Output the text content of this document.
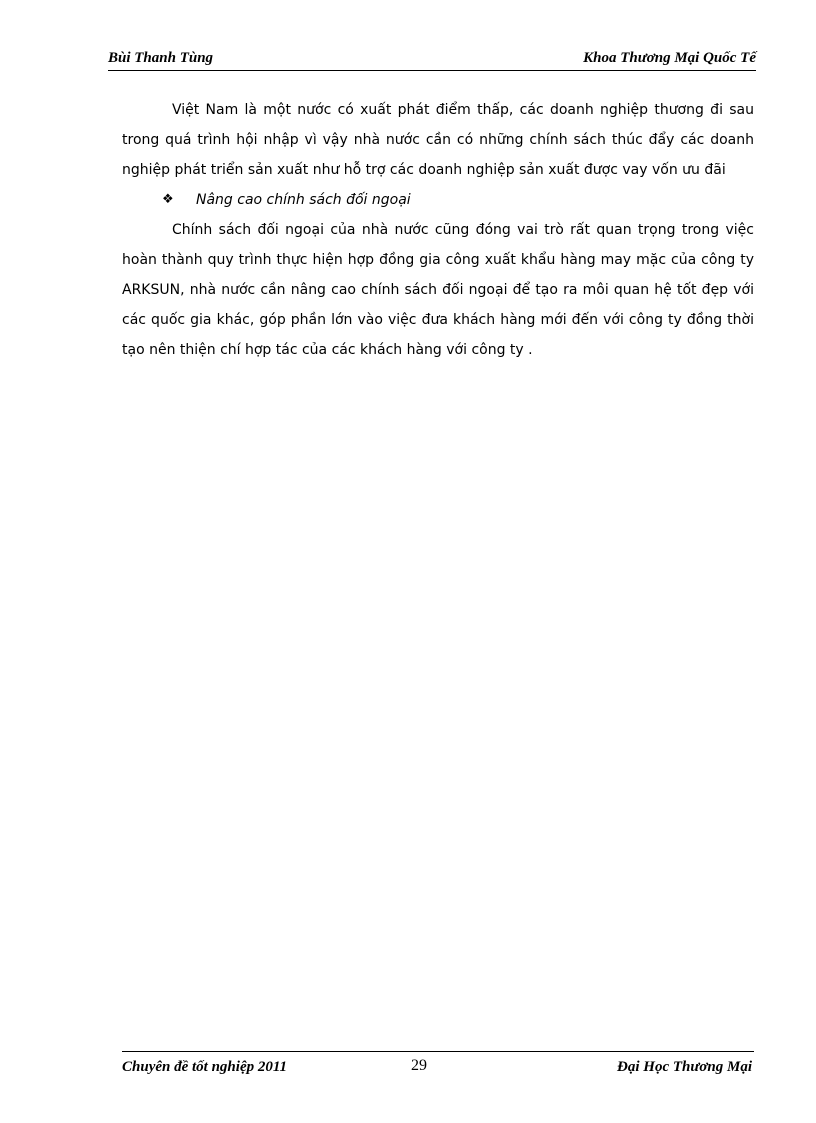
Bùi Thanh Tùng	Khoa Thương Mại Quốc Tế

Việt Nam là một nước có xuất phát điểm thấp, các doanh nghiệp thương đi sau trong quá trình hội nhập vì vậy nhà nước cần có những chính sách thúc đẩy các doanh nghiệp phát triển sản xuất như hỗ trợ các doanh nghiệp sản xuất được vay vốn ưu đãi

❖	Nâng cao chính sách đối ngoại

Chính sách đối ngoại của nhà nước cũng đóng vai trò rất quan trọng trong việc hoàn thành quy trình thực hiện hợp đồng gia công xuất khẩu hàng may mặc của công ty ARKSUN, nhà nước cần nâng cao chính sách đối ngoại để tạo ra môi quan hệ tốt đẹp với các quốc gia khác, góp phần lớn vào việc đưa khách hàng mới đến với công ty đồng thời tạo nên thiện chí hợp tác của các khách hàng với công ty .

Chuyên đề tốt nghiệp 2011	29	Đại Học Thương Mại
